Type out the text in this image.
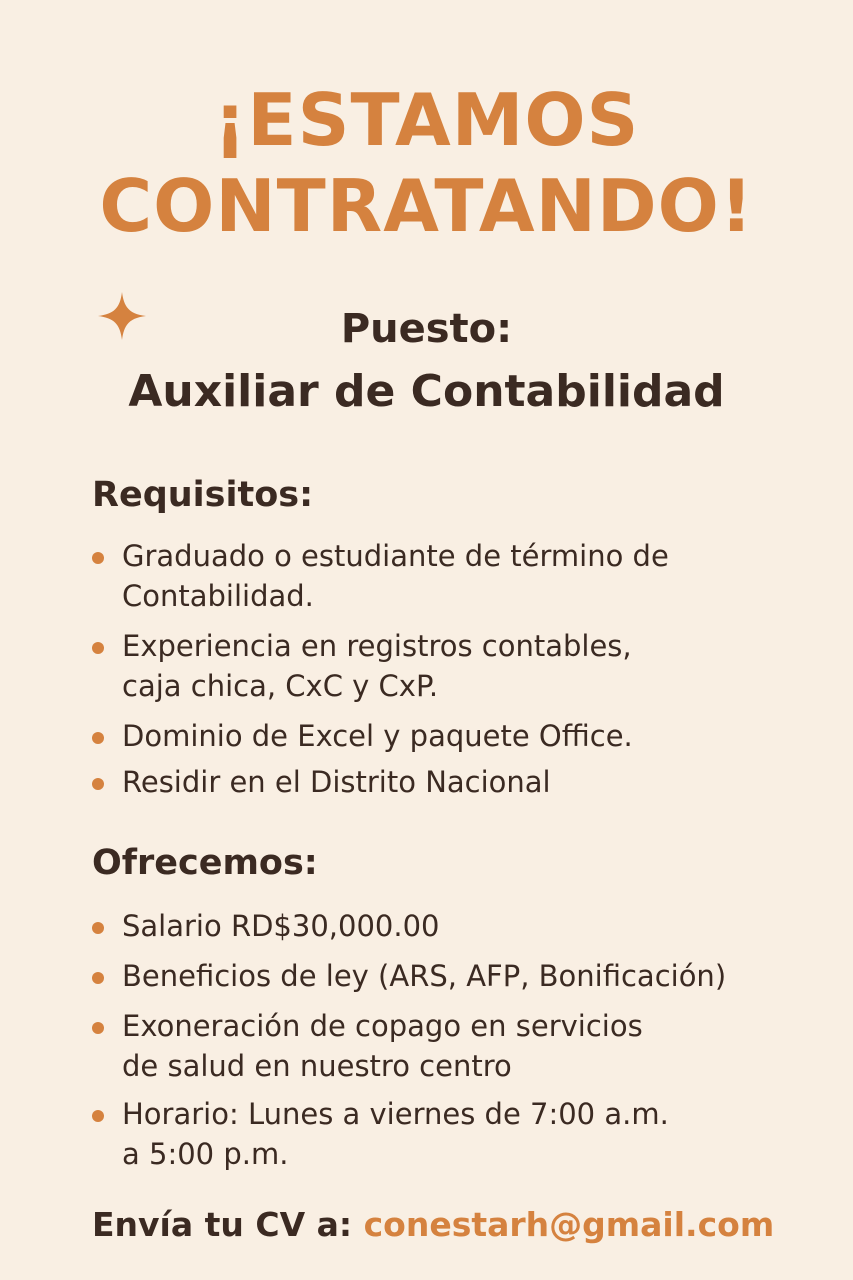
¡ESTAMOS
CONTRATANDO!
Puesto:
Auxiliar de Contabilidad
Requisitos:
Graduado o estudiante de término de
Contabilidad.
Experiencia en registros contables,
caja chica, CxC y CxP.
Dominio de Excel y paquete Office.
Residir en el Distrito Nacional
Ofrecemos:
Salario RD$30,000.00
Beneficios de ley (ARS, AFP, Bonificación)
Exoneración de copago en servicios
de salud en nuestro centro
Horario: Lunes a viernes de 7:00 a.m.
a 5:00 p.m.

Envía tu CV a: conestarh@gmail.com
